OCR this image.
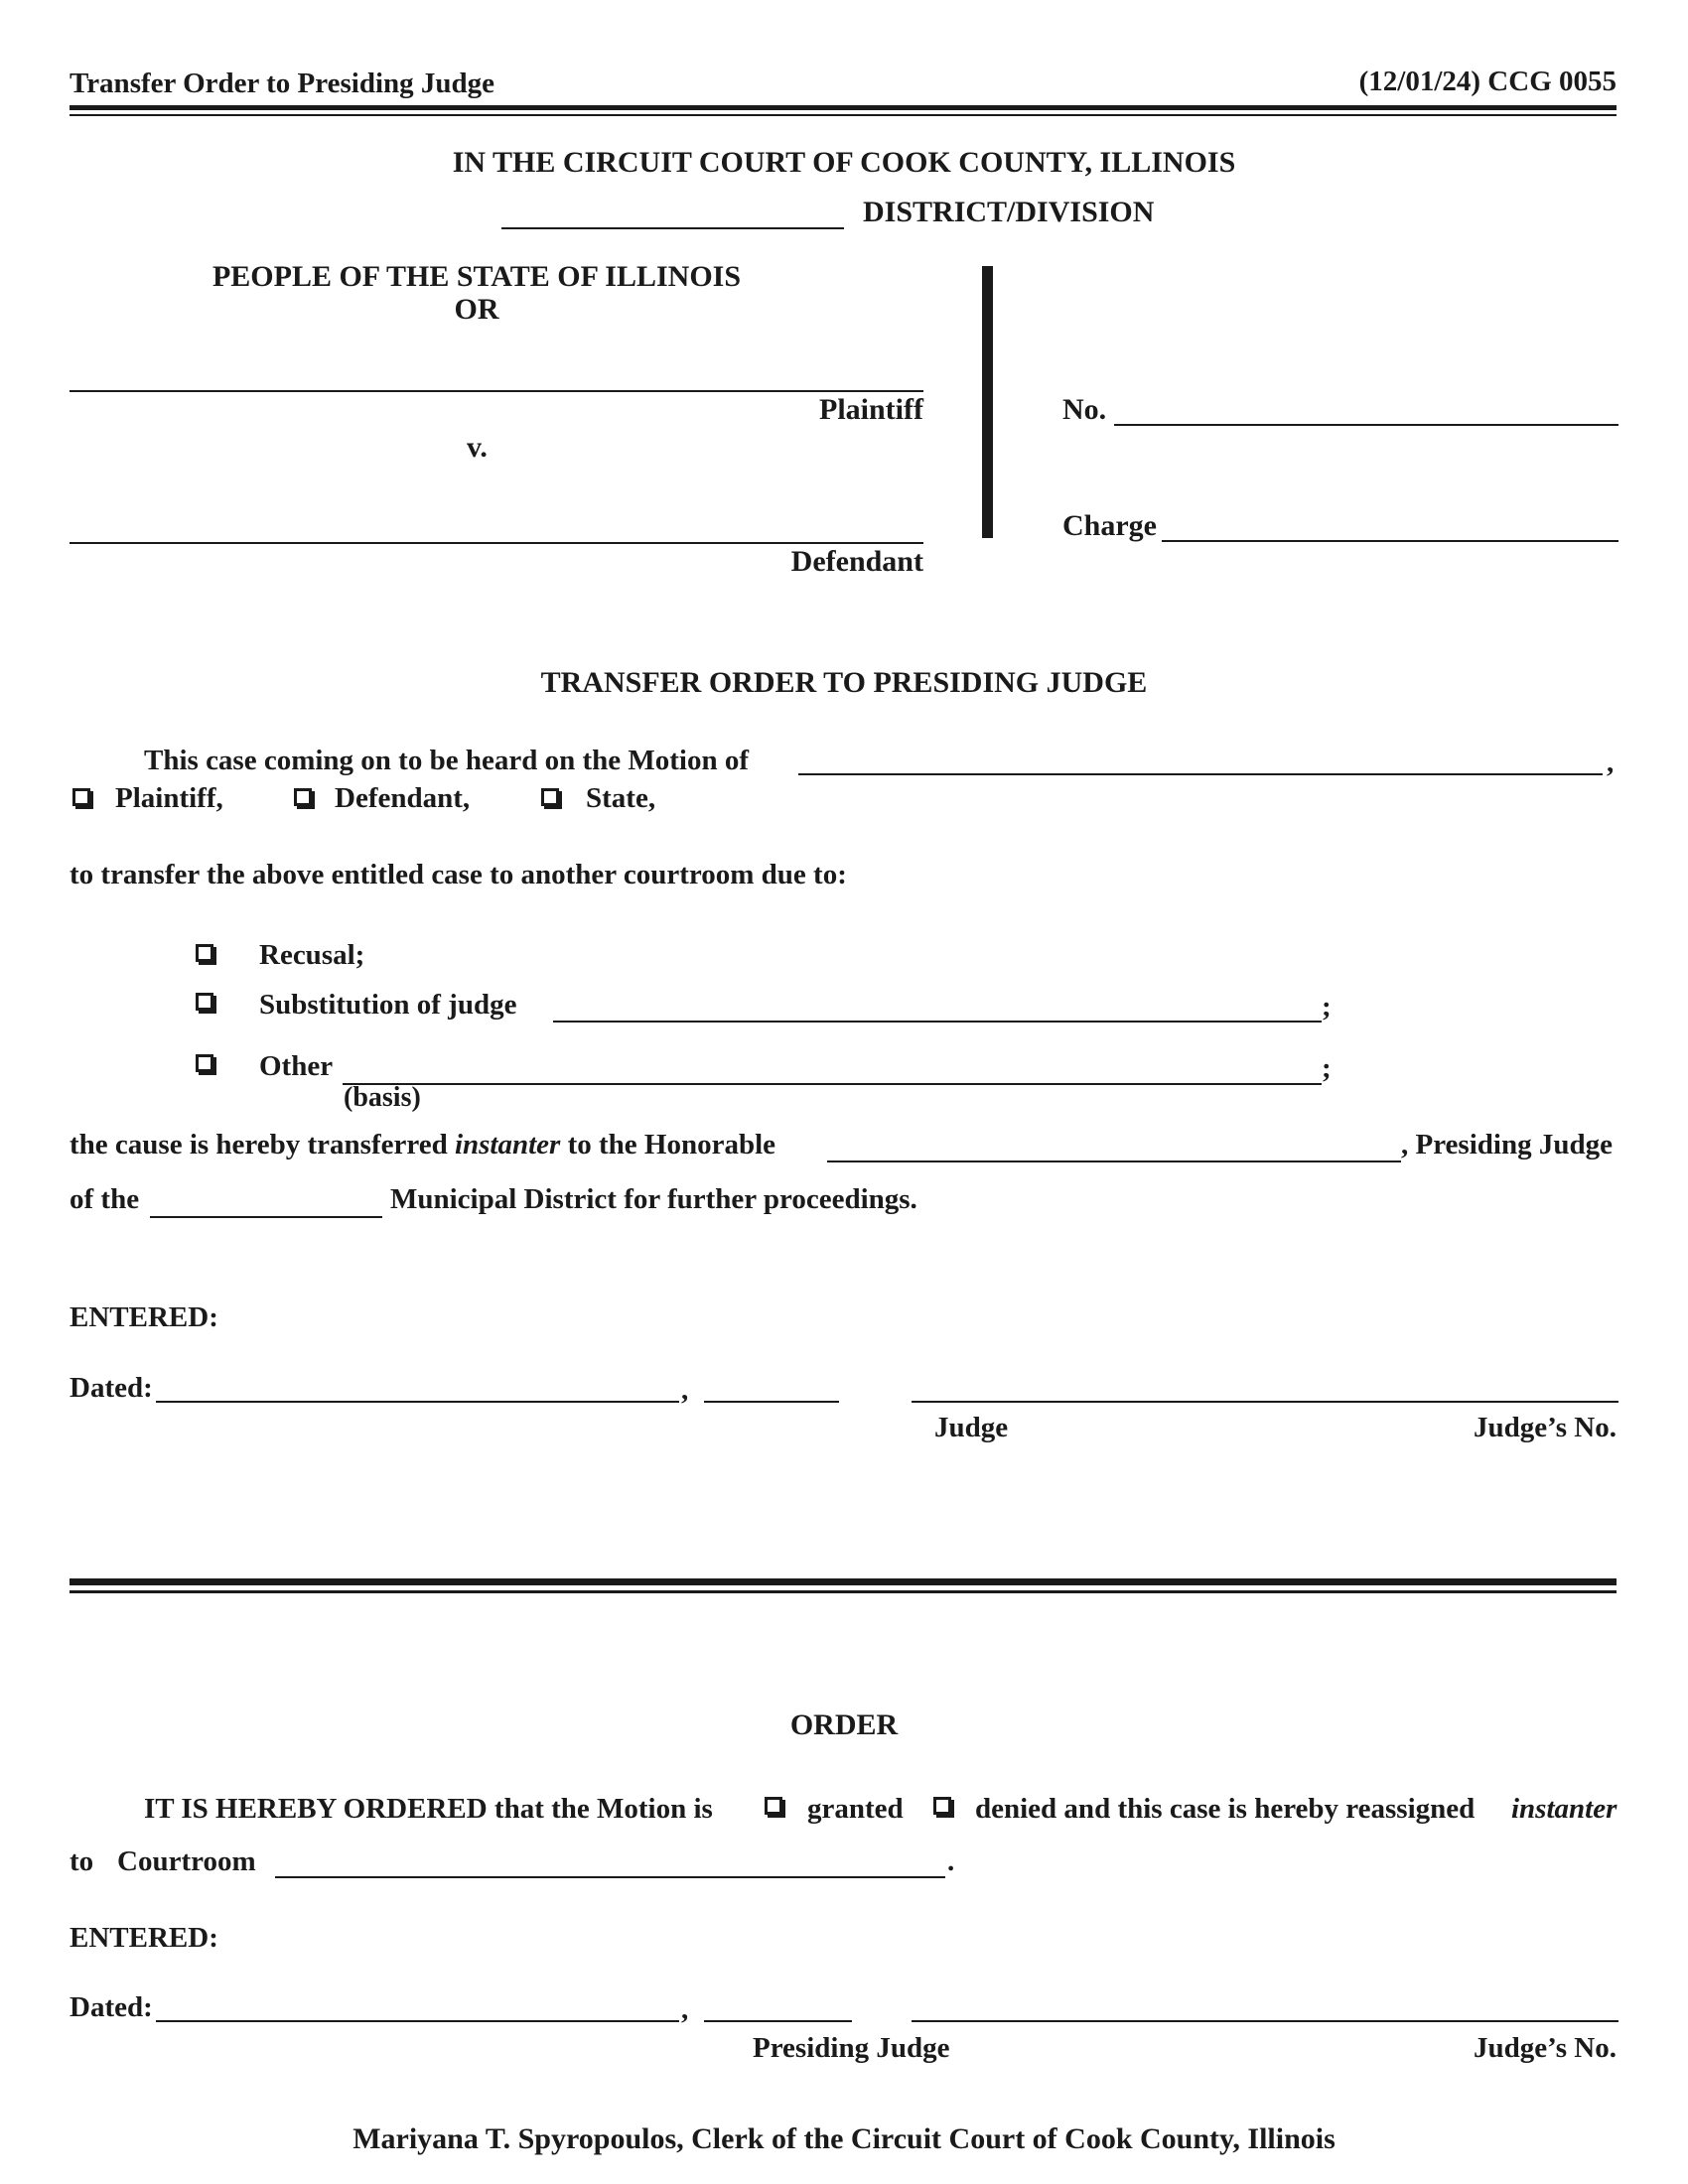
Transfer Order to Presiding Judge	(12/01/24) CCG 0055
IN THE CIRCUIT COURT OF COOK COUNTY, ILLINOIS
DISTRICT/DIVISION
PEOPLE OF THE STATE OF ILLINOIS
OR
Plaintiff
v.
Defendant
No.
Charge
TRANSFER ORDER TO PRESIDING JUDGE
This case coming on to be heard on the Motion of	,
Plaintiff,	Defendant,	State,
to transfer the above entitled case to another courtroom due to:
Recusal;
Substitution of judge	;
Other	;
(basis)
the cause is hereby transferred instanter to the Honorable	, Presiding Judge
of the	Municipal District for further proceedings.
ENTERED:
Dated:	,
Judge	Judge’s No.
ORDER
IT IS HEREBY ORDERED that the Motion is	granted denied and this case is hereby reassigned instanter
to Courtroom	.
ENTERED:
Dated:	,
Presiding Judge	Judge’s No.
Mariyana T. Spyropoulos, Clerk of the Circuit Court of Cook County, Illinois
